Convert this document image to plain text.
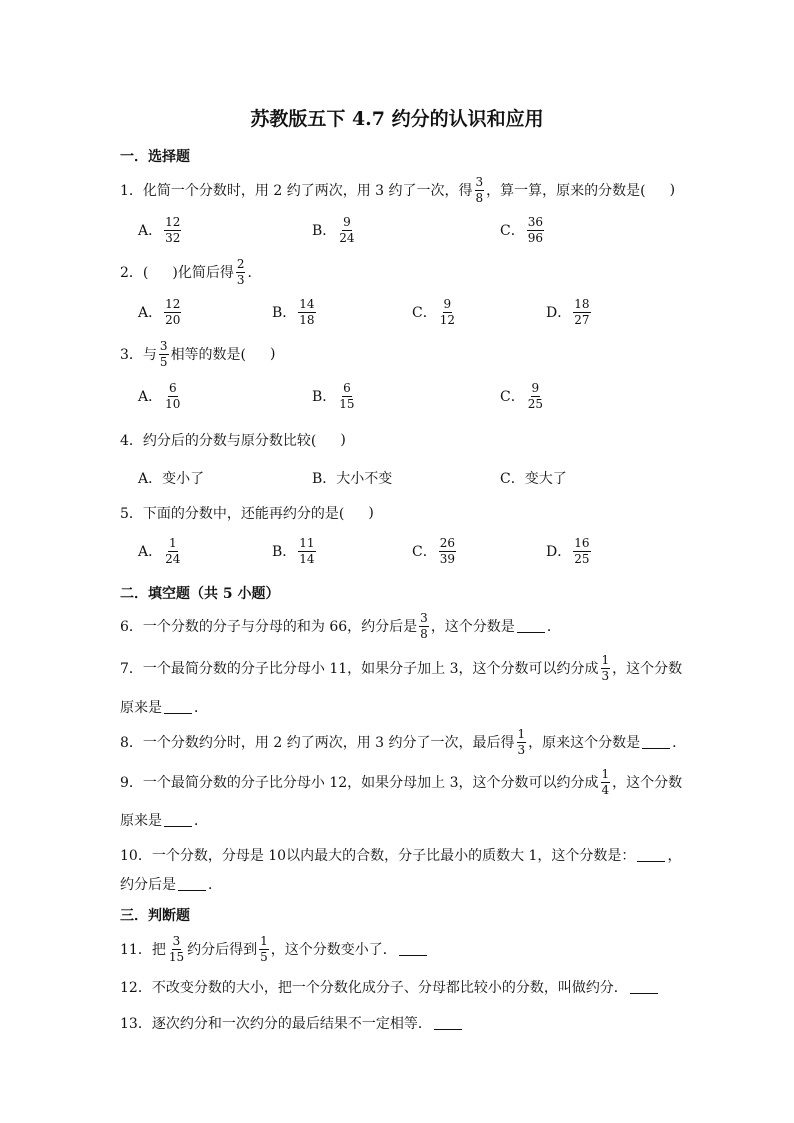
苏教版五下 4.7 约分的认识和应用
一．选择题
1．化简一个分数时，用 2 约了两次，用 3 约了一次，得 $\frac{3}{8}$ ，算一算，原来的分数是( )
A． $\frac{12}{32}$	B． $\frac{9}{24}$	C． $\frac{36}{96}$
2．( )化简后得 $\frac{2}{3}$ ．
A． $\frac{12}{20}$	B． $\frac{14}{18}$	C． $\frac{9}{12}$	D． $\frac{18}{27}$
3．与 $\frac{3}{5}$ 相等的数是( )
A． $\frac{6}{10}$	B． $\frac{6}{15}$	C． $\frac{9}{25}$
4．约分后的分数与原分数比较( )
A．变小了	B．大小不变	C．变大了
5．下面的分数中，还能再约分的是( )
A． $\frac{1}{24}$	B． $\frac{11}{14}$	C． $\frac{26}{39}$	D． $\frac{16}{25}$
二．填空题（共 5 小题）
6．一个分数的分子与分母的和为 66，约分后是 $\frac{3}{8}$ ，这个分数是 ．
7．一个最简分数的分子比分母小 11，如果分子加上 3，这个分数可以约分成 $\frac{1}{3}$ ，这个分数
原来是 ．
8．一个分数约分时，用 2 约了两次，用 3 约分了一次，最后得 $\frac{1}{3}$ ，原来这个分数是 ．
9．一个最简分数的分子比分母小 12，如果分母加上 3，这个分数可以约分成 $\frac{1}{4}$ ，这个分数
原来是 ．
10．一个分数，分母是 10以内最大的合数，分子比最小的质数大 1，这个分数是： ，
约分后是 ．
三．判断题
11．把 $\frac{3}{15}$ 约分后得到 $\frac{1}{5}$ ，这个分数变小了．
12．不改变分数的大小，把一个分数化成分子、分母都比较小的分数，叫做约分．
13．逐次约分和一次约分的最后结果不一定相等．
